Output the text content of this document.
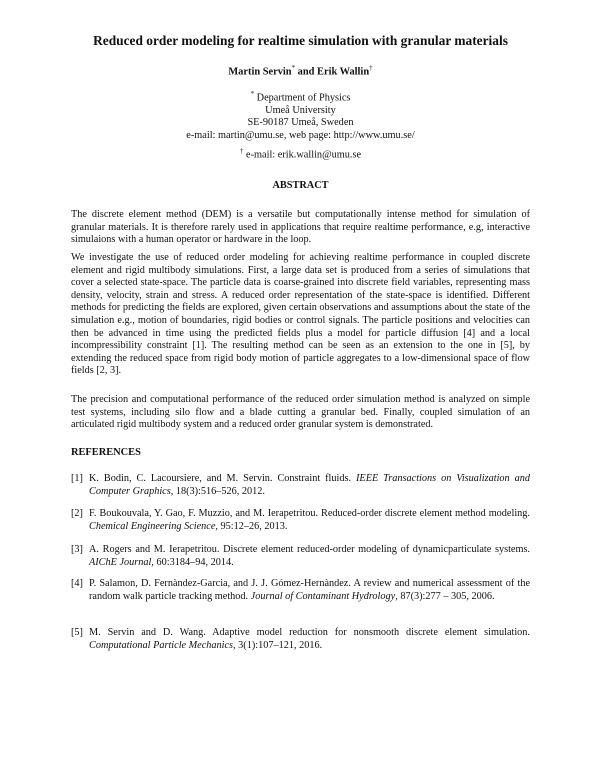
Reduced order modeling for realtime simulation with granular materials
Martin Servin* and Erik Wallin†
* Department of Physics
Umeå University
SE-90187 Umeå, Sweden
e-mail: martin@umu.se, web page: http://www.umu.se/
† e-mail: erik.wallin@umu.se
ABSTRACT

The discrete element method (DEM) is a versatile but computationally intense method for simulation of granular materials. It is therefore rarely used in applications that require realtime performance, e.g, interactive simulaions with a human operator or hardware in the loop.

We investigate the use of reduced order modeling for achieving realtime performance in coupled discrete element and rigid multibody simulations. First, a large data set is produced from a series of simulations that cover a selected state-space. The particle data is coarse-grained into discrete field variables, representing mass density, velocity, strain and stress. A reduced order representation of the state-space is identified. Different methods for predicting the fields are explored, given certain observations and assumptions about the state of the simulation e.g., motion of boundaries, rigid bodies or control signals. The particle positions and velocities can then be advanced in time using the predicted fields plus a model for particle diffusion [4] and a local incompressibility constraint [1]. The resulting method can be seen as an extension to the one in [5], by extending the reduced space from rigid body motion of particle aggregates to a low-dimensional space of flow fields [2, 3].

The precision and computational performance of the reduced order simulation method is analyzed on simple test systems, including silo flow and a blade cutting a granular bed. Finally, coupled simulation of an articulated rigid multibody system and a reduced order granular system is demonstrated.

REFERENCES
[1] K. Bodin, C. Lacoursiere, and M. Servin. Constraint fluids. IEEE Transactions on Visualization and Computer Graphics, 18(3):516–526, 2012.
[2] F. Boukouvala, Y. Gao, F. Muzzio, and M. Ierapetritou. Reduced-order discrete element method modeling. Chemical Engineering Science, 95:12–26, 2013.
[3] A. Rogers and M. Ierapetritou. Discrete element reduced-order modeling of dynamicparticulate systems. AIChE Journal, 60:3184–94, 2014.
[4] P. Salamon, D. Fernàndez-Garcia, and J. J. Gómez-Hernàndez. A review and numerical assessment of the random walk particle tracking method. Journal of Contaminant Hydrology, 87(3):277 – 305, 2006.
[5] M. Servin and D. Wang. Adaptive model reduction for nonsmooth discrete element simulation. Computational Particle Mechanics, 3(1):107–121, 2016.
